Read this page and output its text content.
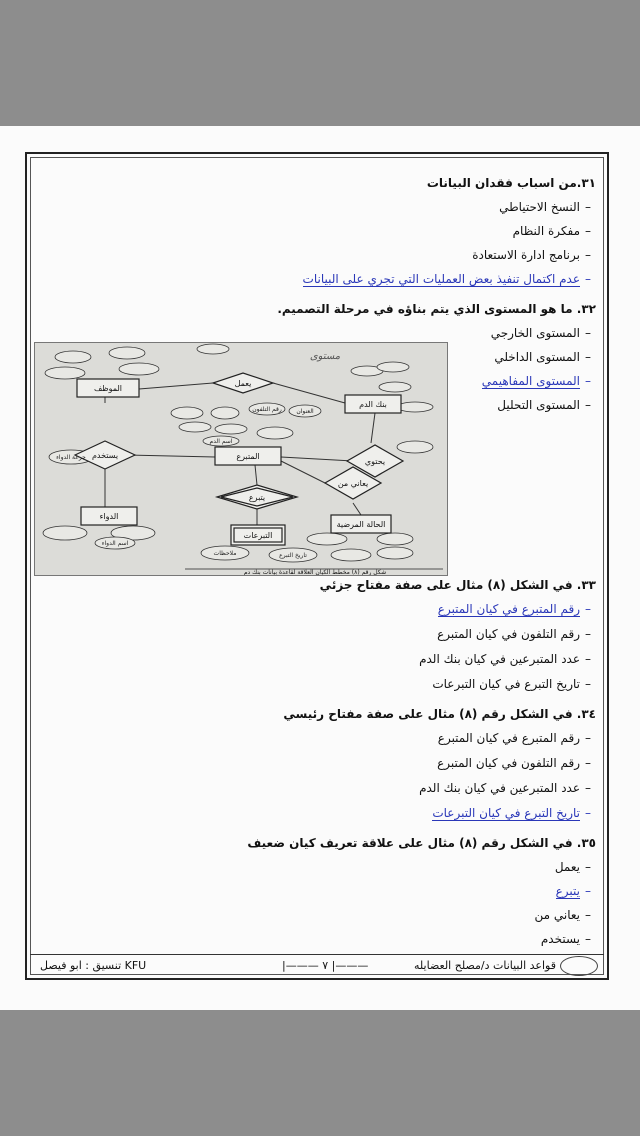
٣١.من اسباب فقدان البيانات
–النسخ الاحتياطي
–مفكرة النظام
–برنامج ادارة الاستعادة
–عدم اكتمال تنفيذ بعض العمليات التي تجري على البيانات
٣٢. ما هو المستوى الذي يتم بناؤه في مرحلة التصميم.
–المستوى الخارجي
–المستوى الداخلي
–المستوى المفاهيمي
–المستوى التحليل
٣٣. في الشكل (٨) مثال على صفة مفتاح جزئي
–رقم المتبرع في كيان المتبرع
–رقم التلفون في كيان المتبرع
–عدد المتبرعين في كيان بنك الدم
–تاريخ التبرع في كيان التبرعات
٣٤. في الشكل رقم (٨) مثال على صفة مفتاح رئيسي
–رقم المتبرع في كيان المتبرع
–رقم التلفون في كيان المتبرع
–عدد المتبرعين في كيان بنك الدم
–تاريخ التبرع في كيان التبرعات
٣٥. في الشكل رقم (٨) مثال على علاقة تعريف كيان ضعيف
–يعمل
–يتبرع
–يعاني من
–يستخدم
الموظف
بنك الدم
المتبرع
الدواء
التبرعات
الحالة المرضية
يعمل
يستخدم
يتبرع
يعاني من
يحتوي
اسم الدم
رقم التلفون العنوان
تاريخ التبرع
ملاحظات
جرعة الدواء
اسم الدواء
مستوى
شكل رقم (٨) مخطط الكيان العلاقة لقاعدة بيانات بنك دم
تنسيق : ابو فيصل KFU	|——— ٧ |———	قواعد البيانات د/مصلح العضايله
